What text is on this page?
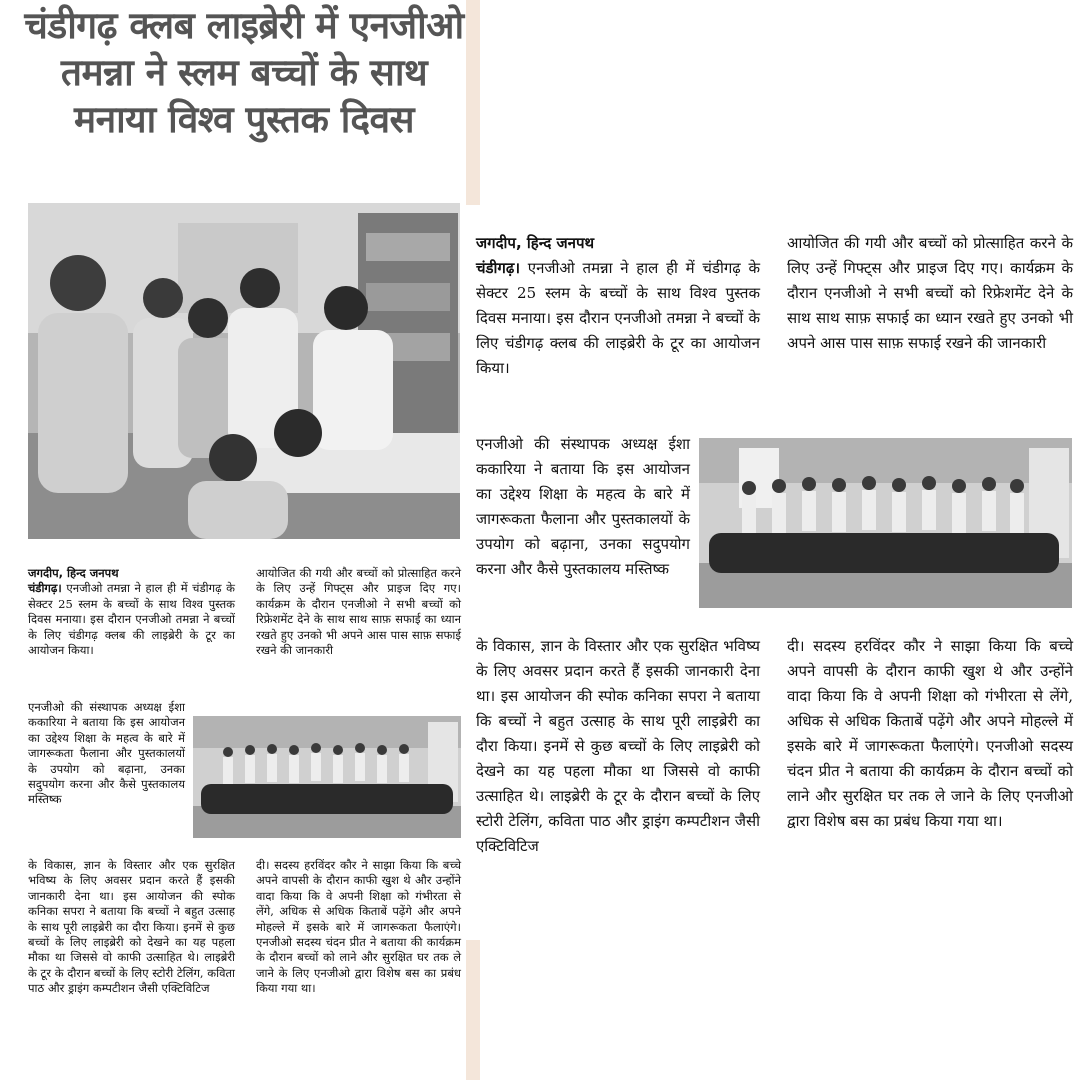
चंडीगढ़ क्लब लाइब्रेरी में एनजीओ तमन्ना ने स्लम बच्चों के साथ मनाया विश्व पुस्तक दिवस

जगदीप, हिन्द जनपथ

चंडीगढ़। एनजीओ तमन्ना ने हाल ही में चंडीगढ़ के सेक्टर 25 स्लम के बच्चों के साथ विश्व पुस्तक दिवस मनाया। इस दौरान एनजीओ तमन्ना ने बच्चों के लिए चंडीगढ़ क्लब की लाइब्रेरी के टूर का आयोजन किया।

एनजीओ की संस्थापक अध्यक्ष ईशा ककारिया ने बताया कि इस आयोजन का उद्देश्य शिक्षा के महत्व के बारे में जागरूकता फैलाना और पुस्तकालयों के उपयोग को बढ़ाना, उनका सदुपयोग करना और कैसे पुस्तकालय मस्तिष्क

के विकास, ज्ञान के विस्तार और एक सुरक्षित भविष्य के लिए अवसर प्रदान करते हैं इसकी जानकारी देना था। इस आयोजन की स्पोक कनिका सपरा ने बताया कि बच्चों ने बहुत उत्साह के साथ पूरी लाइब्रेरी का दौरा किया। इनमें से कुछ बच्चों के लिए लाइब्रेरी को देखने का यह पहला मौका था जिससे वो काफी उत्साहित थे। लाइब्रेरी के टूर के दौरान बच्चों के लिए स्टोरी टेलिंग, कविता पाठ और ड्राइंग कम्पटीशन जैसी एक्टिविटिज

आयोजित की गयी और बच्चों को प्रोत्साहित करने के लिए उन्हें गिफ्ट्स और प्राइज दिए गए। कार्यक्रम के दौरान एनजीओ ने सभी बच्चों को रिफ्रेशमेंट देने के साथ साथ साफ़ सफाई का ध्यान रखते हुए उनको भी अपने आस पास साफ़ सफाई रखने की जानकारी

दी। सदस्य हरविंदर कौर ने साझा किया कि बच्चे अपने वापसी के दौरान काफी खुश थे और उन्होंने वादा किया कि वे अपनी शिक्षा को गंभीरता से लेंगे, अधिक से अधिक किताबें पढ़ेंगे और अपने मोहल्ले में इसके बारे में जागरूकता फैलाएंगे। एनजीओ सदस्य चंदन प्रीत ने बताया की कार्यक्रम के दौरान बच्चों को लाने और सुरक्षित घर तक ले जाने के लिए एनजीओ द्वारा विशेष बस का प्रबंध किया गया था।

जगदीप, हिन्द जनपथ

चंडीगढ़। एनजीओ तमन्ना ने हाल ही में चंडीगढ़ के सेक्टर 25 स्लम के बच्चों के साथ विश्व पुस्तक दिवस मनाया। इस दौरान एनजीओ तमन्ना ने बच्चों के लिए चंडीगढ़ क्लब की लाइब्रेरी के टूर का आयोजन किया।

एनजीओ की संस्थापक अध्यक्ष ईशा ककारिया ने बताया कि इस आयोजन का उद्देश्य शिक्षा के महत्व के बारे में जागरूकता फैलाना और पुस्तकालयों के उपयोग को बढ़ाना, उनका सदुपयोग करना और कैसे पुस्तकालय मस्तिष्क

के विकास, ज्ञान के विस्तार और एक सुरक्षित भविष्य के लिए अवसर प्रदान करते हैं इसकी जानकारी देना था। इस आयोजन की स्पोक कनिका सपरा ने बताया कि बच्चों ने बहुत उत्साह के साथ पूरी लाइब्रेरी का दौरा किया। इनमें से कुछ बच्चों के लिए लाइब्रेरी को देखने का यह पहला मौका था जिससे वो काफी उत्साहित थे। लाइब्रेरी के टूर के दौरान बच्चों के लिए स्टोरी टेलिंग, कविता पाठ और ड्राइंग कम्पटीशन जैसी एक्टिविटिज

आयोजित की गयी और बच्चों को प्रोत्साहित करने के लिए उन्हें गिफ्ट्स और प्राइज दिए गए। कार्यक्रम के दौरान एनजीओ ने सभी बच्चों को रिफ्रेशमेंट देने के साथ साथ साफ़ सफाई का ध्यान रखते हुए उनको भी अपने आस पास साफ़ सफाई रखने की जानकारी

दी। सदस्य हरविंदर कौर ने साझा किया कि बच्चे अपने वापसी के दौरान काफी खुश थे और उन्होंने वादा किया कि वे अपनी शिक्षा को गंभीरता से लेंगे, अधिक से अधिक किताबें पढ़ेंगे और अपने मोहल्ले में इसके बारे में जागरूकता फैलाएंगे। एनजीओ सदस्य चंदन प्रीत ने बताया की कार्यक्रम के दौरान बच्चों को लाने और सुरक्षित घर तक ले जाने के लिए एनजीओ द्वारा विशेष बस का प्रबंध किया गया था।
